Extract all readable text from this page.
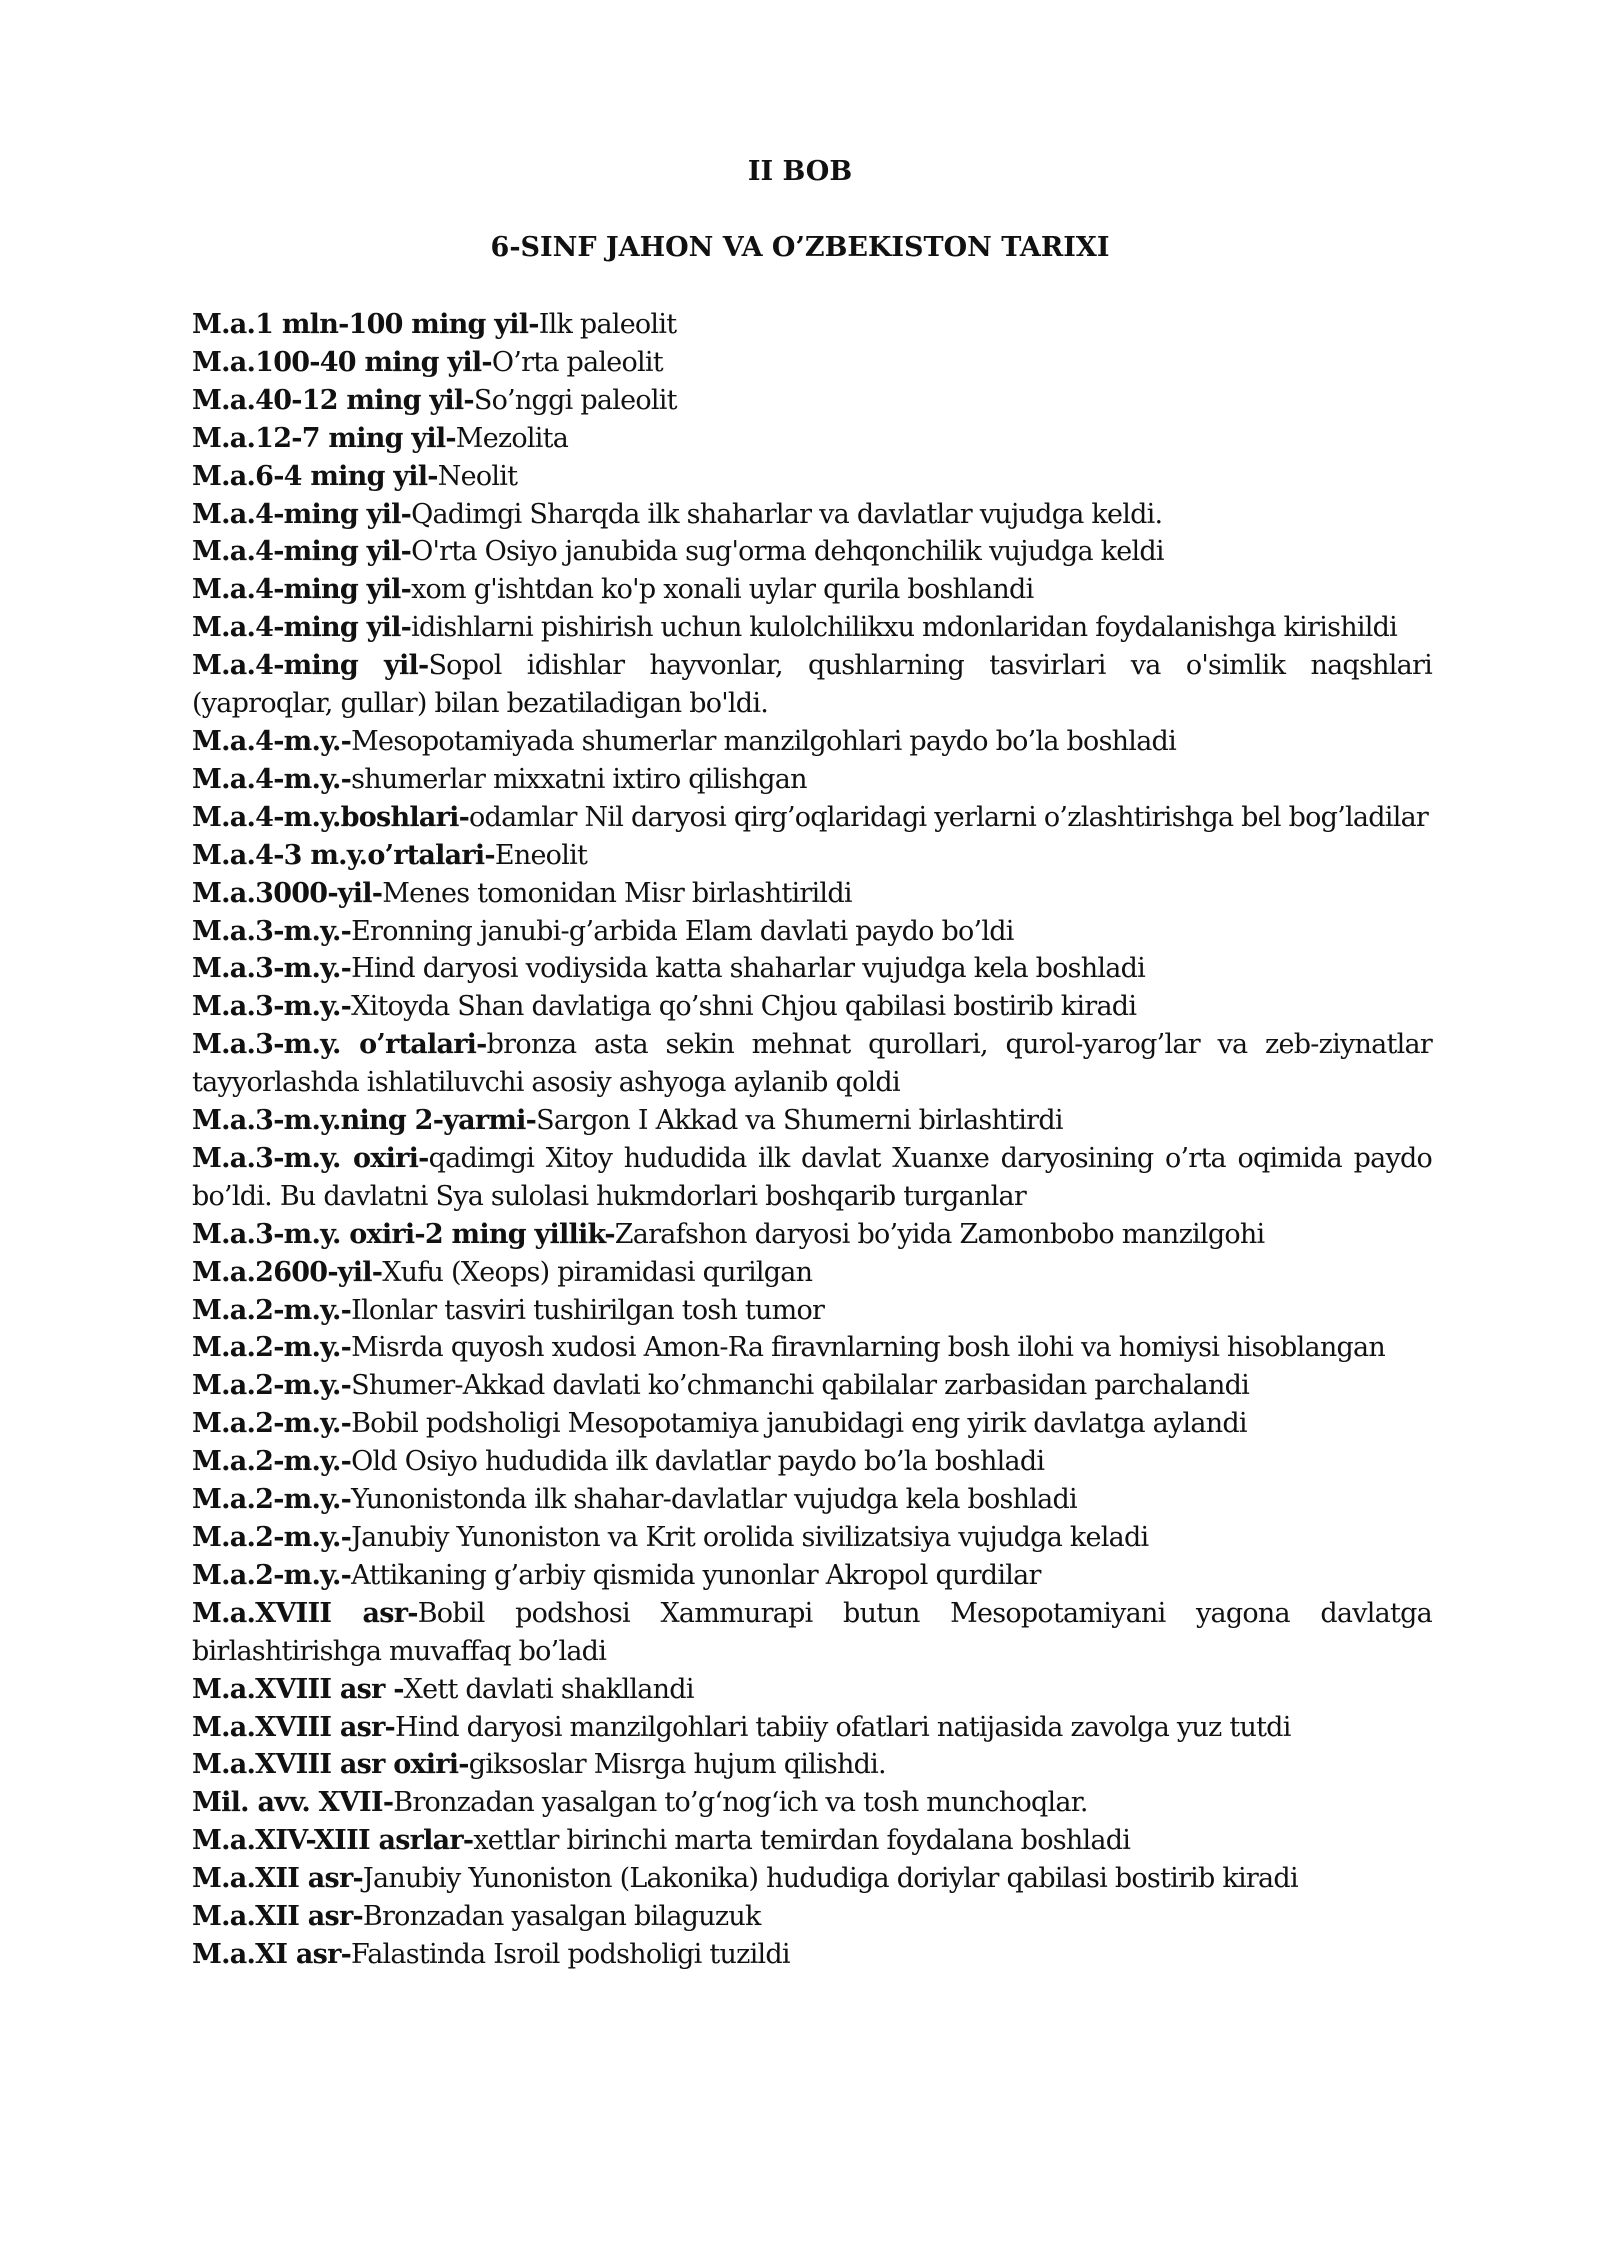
II BOB
6-SINF JAHON VA O’ZBEKISTON TARIXI

M.a.1 mln-100 ming yil-Ilk paleolit

M.a.100-40 ming yil-O’rta paleolit

M.a.40-12 ming yil-So’nggi paleolit

M.a.12-7 ming yil-Mezolita

M.a.6-4 ming yil-Neolit

M.a.4-ming yil-Qadimgi Sharqda ilk shaharlar va davlatlar vujudga keldi.

M.a.4-ming yil-O'rta Osiyo janubida sug'orma dehqonchilik vujudga keldi

M.a.4-ming yil-xom g'ishtdan ko'p xonali uylar qurila boshlandi

M.a.4-ming yil-idishlarni pishirish uchun kulolchilikxu mdonlaridan foydalanishga kirishildi

M.a.4-ming yil-Sopol idishlar hayvonlar, qushlarning tasvirlari va o'simlik naqshlari (yaproqlar, gullar) bilan bezatiladigan bo'ldi.

M.a.4-m.y.-Mesopotamiyada shumerlar manzilgohlari paydo bo’la boshladi

M.a.4-m.y.-shumerlar mixxatni ixtiro qilishgan

M.a.4-m.y.boshlari-odamlar Nil daryosi qirg’oqlaridagi yerlarni o’zlashtirishga bel bog’ladilar

M.a.4-3 m.y.o’rtalari-Eneolit

M.a.3000-yil-Menes tomonidan Misr birlashtirildi

M.a.3-m.y.-Eronning janubi-g’arbida Elam davlati paydo bo’ldi

M.a.3-m.y.-Hind daryosi vodiysida katta shaharlar vujudga kela boshladi

M.a.3-m.y.-Xitoyda Shan davlatiga qo’shni Chjou qabilasi bostirib kiradi

M.a.3-m.y. o’rtalari-bronza asta sekin mehnat qurollari, qurol-yarog’lar va zeb-ziynatlar tayyorlashda ishlatiluvchi asosiy ashyoga aylanib qoldi

M.a.3-m.y.ning 2-yarmi-Sargon I Akkad va Shumerni birlashtirdi

M.a.3-m.y. oxiri-qadimgi Xitoy hududida ilk davlat Xuanxe daryosining o’rta oqimida paydo bo’ldi. Bu davlatni Sya sulolasi hukmdorlari boshqarib turganlar

M.a.3-m.y. oxiri-2 ming yillik-Zarafshon daryosi bo’yida Zamonbobo manzilgohi

M.a.2600-yil-Xufu (Xeops) piramidasi qurilgan

M.a.2-m.y.-Ilonlar tasviri tushirilgan tosh tumor

M.a.2-m.y.-Misrda quyosh xudosi Amon-Ra firavnlarning bosh ilohi va homiysi hisoblangan

M.a.2-m.y.-Shumer-Akkad davlati ko’chmanchi qabilalar zarbasidan parchalandi

M.a.2-m.y.-Bobil podsholigi Mesopotamiya janubidagi eng yirik davlatga aylandi

M.a.2-m.y.-Old Osiyo hududida ilk davlatlar paydo bo’la boshladi

M.a.2-m.y.-Yunonistonda ilk shahar-davlatlar vujudga kela boshladi

M.a.2-m.y.-Janubiy Yunoniston va Krit orolida sivilizatsiya vujudga keladi

M.a.2-m.y.-Attikaning g’arbiy qismida yunonlar Akropol qurdilar

M.a.XVIII asr-Bobil podshosi Xammurapi butun Mesopotamiyani yagona davlatga birlashtirishga muvaffaq bo’ladi

M.a.XVIII asr -Xett davlati shakllandi

M.a.XVIII asr-Hind daryosi manzilgohlari tabiiy ofatlari natijasida zavolga yuz tutdi

M.a.XVIII asr oxiri-giksoslar Misrga hujum qilishdi.

Mil. avv. XVII-Bronzadan yasalgan to’g‘nog‘ich va tosh munchoqlar.

M.a.XIV-XIII asrlar-xettlar birinchi marta temirdan foydalana boshladi

M.a.XII asr-Janubiy Yunoniston (Lakonika) hududiga doriylar qabilasi bostirib kiradi

M.a.XII asr-Bronzadan yasalgan bilaguzuk

M.a.XI asr-Falastinda Isroil podsholigi tuzildi
